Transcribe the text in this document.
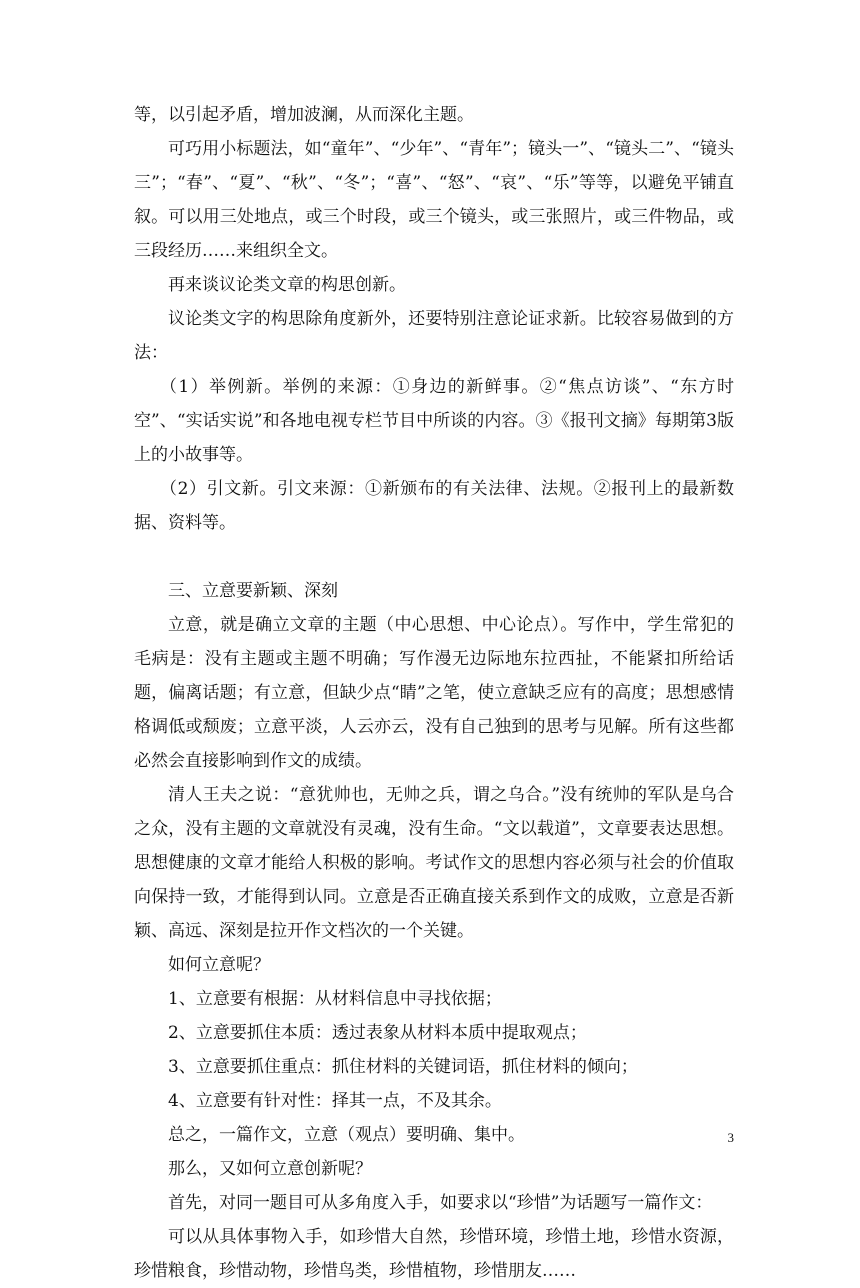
等，以引起矛盾，增加波澜，从而深化主题。

可巧用小标题法，如“童年”、“少年”、“青年”；镜头一”、“镜头二”、“镜头三”；“春”、“夏”、“秋”、“冬”；“喜”、“怒”、“哀”、“乐”等等，以避免平铺直叙。可以用三处地点，或三个时段，或三个镜头，或三张照片，或三件物品，或三段经历……来组织全文。

再来谈议论类文章的构思创新。

议论类文字的构思除角度新外，还要特别注意论证求新。比较容易做到的方法：

（1）举例新。举例的来源：①身边的新鲜事。②“焦点访谈”、“东方时空”、“实话实说”和各地电视专栏节目中所谈的内容。③《报刊文摘》每期第3版上的小故事等。

（2）引文新。引文来源：①新颁布的有关法律、法规。②报刊上的最新数据、资料等。

三、立意要新颖、深刻

立意，就是确立文章的主题（中心思想、中心论点）。写作中，学生常犯的毛病是：没有主题或主题不明确；写作漫无边际地东拉西扯，不能紧扣所给话题，偏离话题；有立意，但缺少点“睛”之笔，使立意缺乏应有的高度；思想感情格调低或颓废；立意平淡，人云亦云，没有自己独到的思考与见解。所有这些都必然会直接影响到作文的成绩。

清人王夫之说：“意犹帅也，无帅之兵，谓之乌合。”没有统帅的军队是乌合之众，没有主题的文章就没有灵魂，没有生命。“文以载道”，文章要表达思想。思想健康的文章才能给人积极的影响。考试作文的思想内容必须与社会的价值取向保持一致，才能得到认同。立意是否正确直接关系到作文的成败，立意是否新颖、高远、深刻是拉开作文档次的一个关键。

如何立意呢？

1、立意要有根据：从材料信息中寻找依据；

2、立意要抓住本质：透过表象从材料本质中提取观点；

3、立意要抓住重点：抓住材料的关键词语，抓住材料的倾向；

4、立意要有针对性：择其一点，不及其余。

总之，一篇作文，立意（观点）要明确、集中。

那么，又如何立意创新呢？

首先，对同一题目可从多角度入手，如要求以“珍惜”为话题写一篇作文：

可以从具体事物入手，如珍惜大自然，珍惜环境，珍惜土地，珍惜水资源，珍惜粮食，珍惜动物，珍惜鸟类，珍惜植物，珍惜朋友……

3
